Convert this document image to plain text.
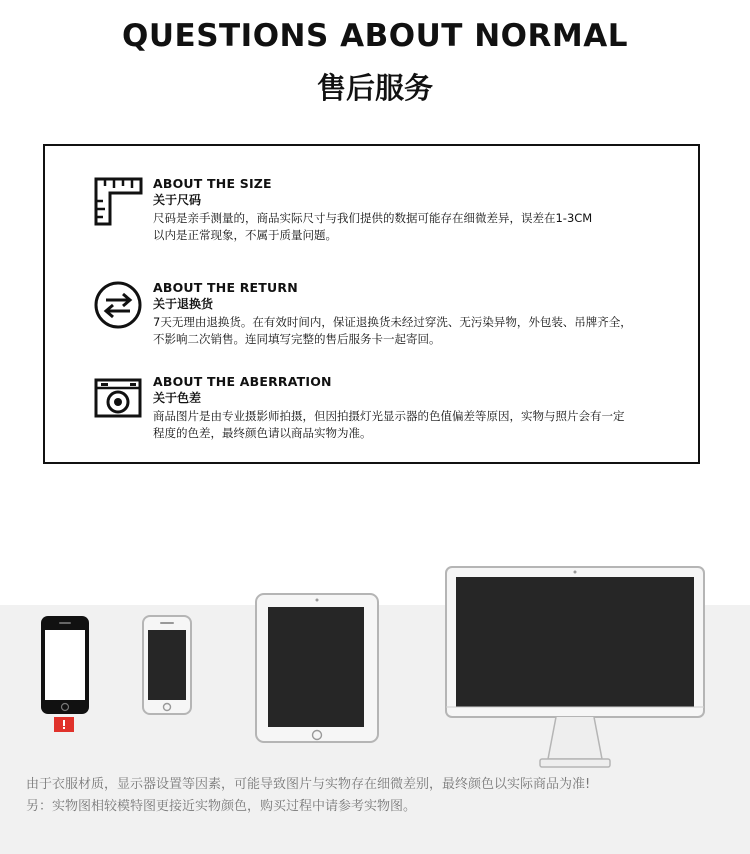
QUESTIONS ABOUT NORMAL
售后服务
ABOUT THE SIZE
关于尺码
尺码是亲手测量的，商品实际尺寸与我们提供的数据可能存在细微差异，误差在1-3CM
以内是正常现象，不属于质量问题。
ABOUT THE RETURN
关于退换货
7天无理由退换货。在有效时间内，保证退换货未经过穿洗、无污染异物，外包装、吊牌齐全，
不影响二次销售。连同填写完整的售后服务卡一起寄回。
ABOUT THE ABERRATION
关于色差
商品图片是由专业摄影师拍摄，但因拍摄灯光显示器的色值偏差等原因，实物与照片会有一定
程度的色差，最终颜色请以商品实物为准。
由于衣服材质，显示器设置等因素，可能导致图片与实物存在细微差别，最终颜色以实际商品为准!
另：实物图相较模特图更接近实物颜色，购买过程中请参考实物图。
